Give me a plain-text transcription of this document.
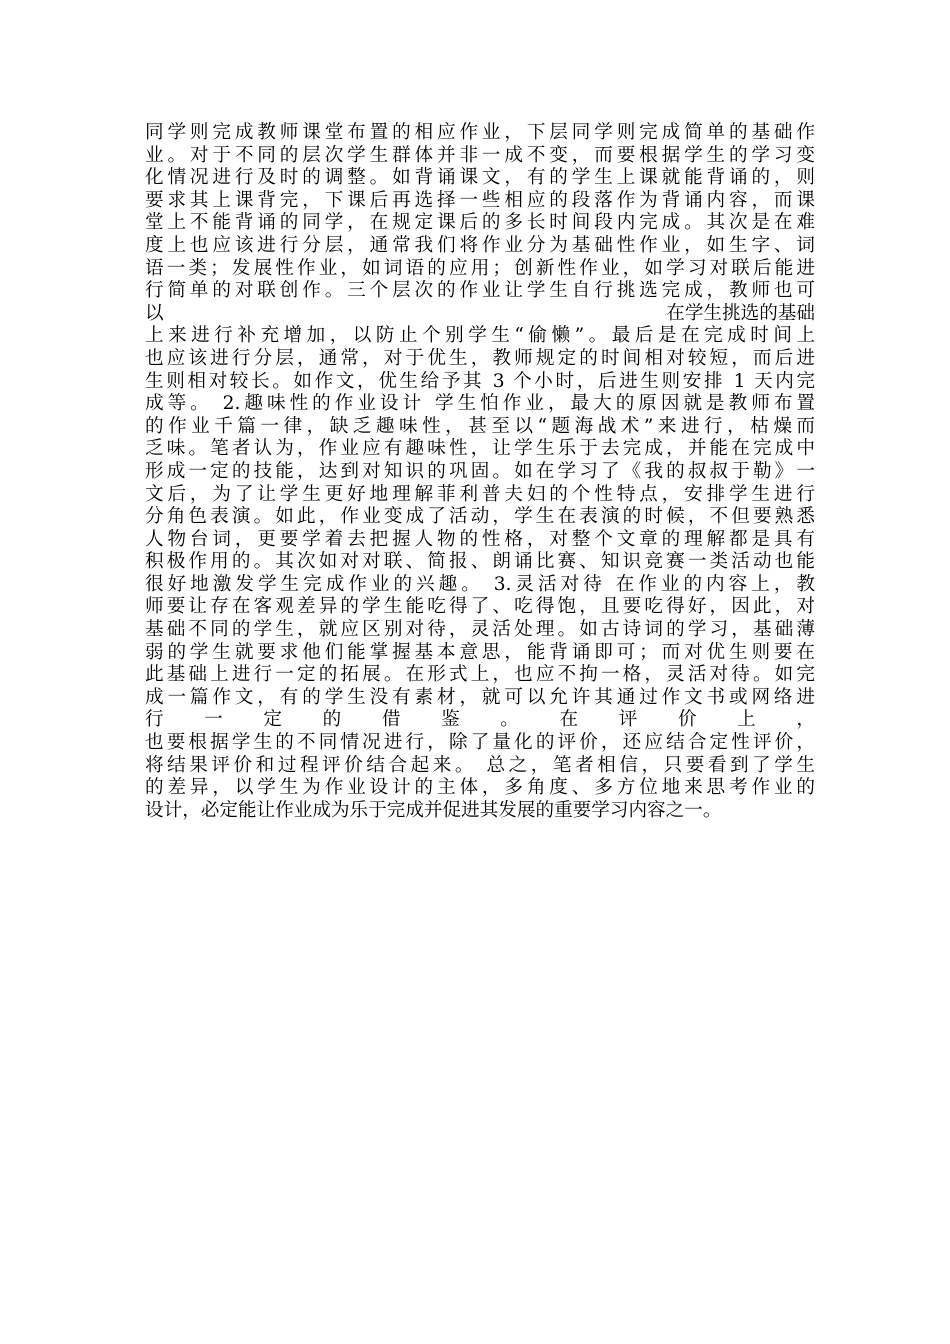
同学则完成教师课堂布置的相应作业，下层同学则完成简单的基础作
业。对于不同的层次学生群体并非一成不变，而要根据学生的学习变
化情况进行及时的调整。如背诵课文，有的学生上课就能背诵的，则
要求其上课背完，下课后再选择一些相应的段落作为背诵内容，而课
堂上不能背诵的同学，在规定课后的多长时间段内完成。其次是在难
度上也应该进行分层，通常我们将作业分为基础性作业，如生字、词
语一类；发展性作业，如词语的应用；创新性作业，如学习对联后能进
行简单的对联创作。三个层次的作业让学生自行挑选完成，教师也可
以	在学生挑选的基础
上来进行补充增加，以防止个别学生“偷懒”。最后是在完成时间上
也应该进行分层，通常，对于优生，教师规定的时间相对较短，而后进
生则相对较长。如作文，优生给予其 3 个小时，后进生则安排 1 天内完
成等。 2.趣味性的作业设计 学生怕作业，最大的原因就是教师布置
的作业千篇一律，缺乏趣味性，甚至以“题海战术”来进行，枯燥而
乏味。笔者认为，作业应有趣味性，让学生乐于去完成，并能在完成中
形成一定的技能，达到对知识的巩固。如在学习了《我的叔叔于勒》一
文后，为了让学生更好地理解菲利普夫妇的个性特点，安排学生进行
分角色表演。如此，作业变成了活动，学生在表演的时候，不但要熟悉
人物台词，更要学着去把握人物的性格，对整个文章的理解都是具有
积极作用的。其次如对对联、简报、朗诵比赛、知识竞赛一类活动也能
很好地激发学生完成作业的兴趣。 3.灵活对待 在作业的内容上，教
师要让存在客观差异的学生能吃得了、吃得饱，且要吃得好，因此，对
基础不同的学生，就应区别对待，灵活处理。如古诗词的学习，基础薄
弱的学生就要求他们能掌握基本意思，能背诵即可；而对优生则要在
此基础上进行一定的拓展。在形式上，也应不拘一格，灵活对待。如完
成一篇作文，有的学生没有素材，就可以允许其通过作文书或网络进
行 一 定 的 借 鉴 。 在 评 价 上 ，
也要根据学生的不同情况进行，除了量化的评价，还应结合定性评价，
将结果评价和过程评价结合起来。 总之，笔者相信，只要看到了学生
的差异，以学生为作业设计的主体，多角度、多方位地来思考作业的
设计，必定能让作业成为乐于完成并促进其发展的重要学习内容之一。
